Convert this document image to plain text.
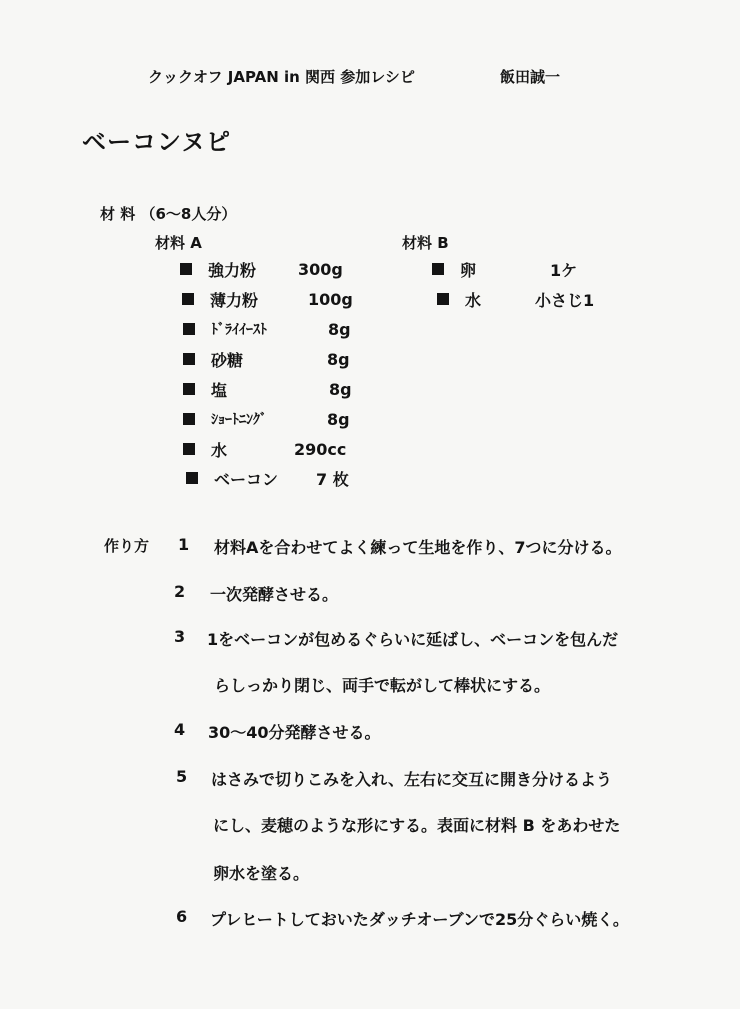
クックオフ JAPAN in 関西 参加レシピ	飯田誠一
ベーコンヌピ
材 料 （6～8人分）
材料 A	材料 B
強力粉	300g
薄力粉	100g
ﾄﾞﾗｲｲｰｽﾄ	8g
砂糖	8g
塩	8g
ｼｮｰﾄﾆﾝｸﾞ	8g
水	290cc
ベーコン 7 枚
卵	1ケ
水	小さじ1
作り方 1 材料Aを合わせてよく練って生地を作り、7つに分ける。
2 一次発酵させる。
3 1をベーコンが包めるぐらいに延ばし、ベーコンを包んだ
らしっかり閉じ、両手で転がして棒状にする。
4 30～40分発酵させる。
5 はさみで切りこみを入れ、左右に交互に開き分けるよう
にし、麦穂のような形にする。表面に材料 B をあわせた
卵水を塗る。
6 プレヒートしておいたダッチオーブンで25分ぐらい焼く。
